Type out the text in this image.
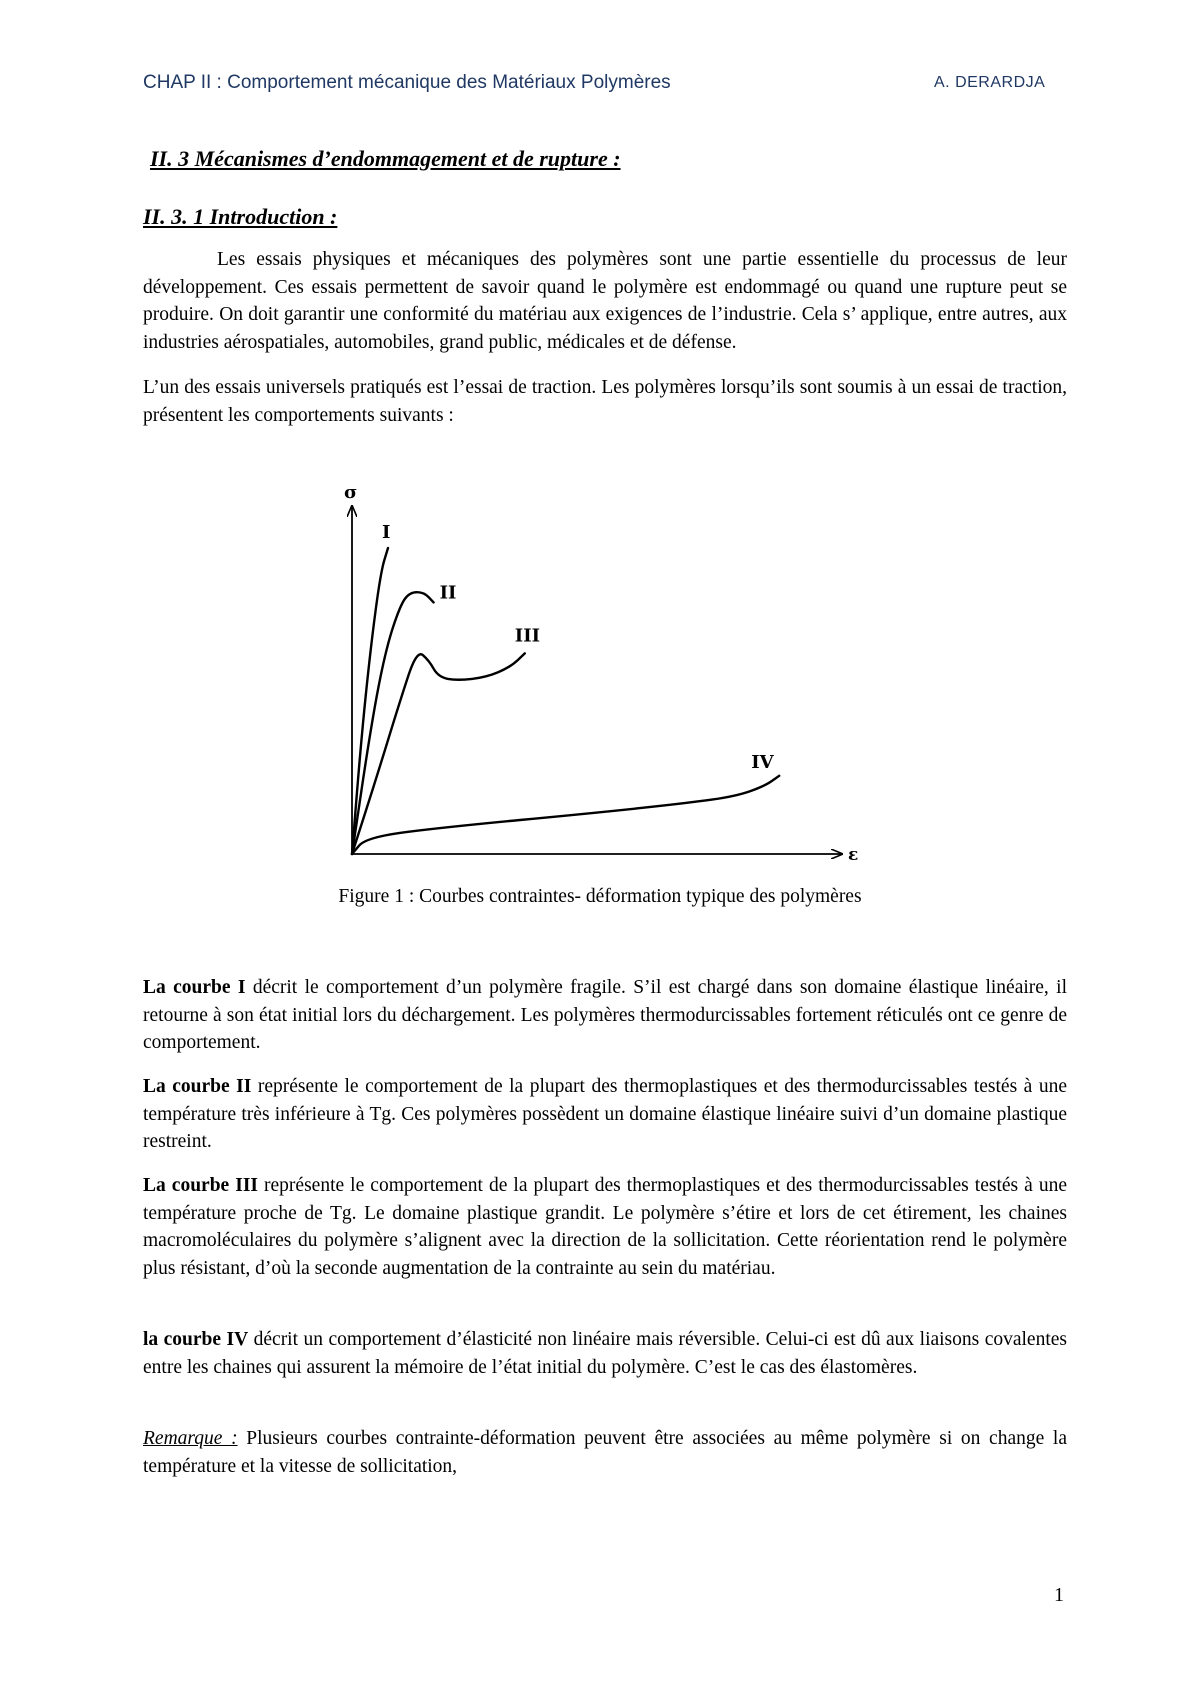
CHAP II : Comportement mécanique des Matériaux Polymères	A. DERARDJA
II. 3 Mécanismes d’endommagement et de rupture :
II. 3. 1 Introduction :

Les essais physiques et mécaniques des polymères sont une partie essentielle du processus de leur développement. Ces essais permettent de savoir quand le polymère est endommagé ou quand une rupture peut se produire. On doit garantir une conformité du matériau aux exigences de l’industrie. Cela s’ applique, entre autres, aux industries aérospatiales, automobiles, grand public, médicales et de défense.

L’un des essais universels pratiqués est l’essai de traction. Les polymères lorsqu’ils sont soumis à un essai de traction, présentent les comportements suivants :

σ
ε
I
II
III
IV
Figure 1 : Courbes contraintes- déformation typique des polymères

La courbe I décrit le comportement d’un polymère fragile. S’il est chargé dans son domaine élastique linéaire, il retourne à son état initial lors du déchargement. Les polymères thermodurcissables fortement réticulés ont ce genre de comportement.

La courbe II représente le comportement de la plupart des thermoplastiques et des thermodurcissables testés à une température très inférieure à Tg. Ces polymères possèdent un domaine élastique linéaire suivi d’un domaine plastique restreint.

La courbe III représente le comportement de la plupart des thermoplastiques et des thermodurcissables testés à une température proche de Tg. Le domaine plastique grandit. Le polymère s’étire et lors de cet étirement, les chaines macromoléculaires du polymère s’alignent avec la direction de la sollicitation. Cette réorientation rend le polymère plus résistant, d’où la seconde augmentation de la contrainte au sein du matériau.

la courbe IV décrit un comportement d’élasticité non linéaire mais réversible. Celui-ci est dû aux liaisons covalentes entre les chaines qui assurent la mémoire de l’état initial du polymère. C’est le cas des élastomères.

Remarque : Plusieurs courbes contrainte-déformation peuvent être associées au même polymère si on change la température et la vitesse de sollicitation,

1
